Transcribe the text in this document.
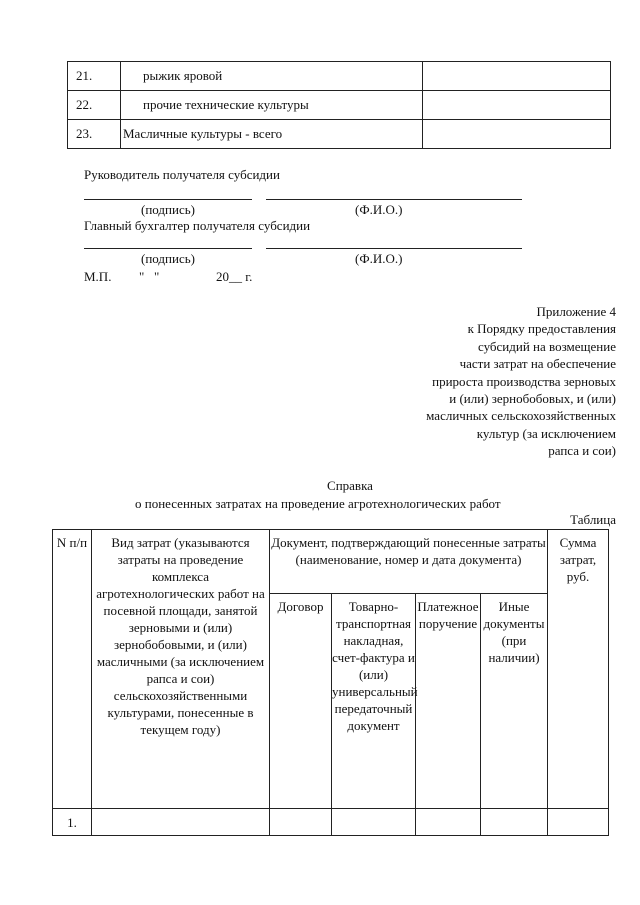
21.	рыжик яровой	
22.	прочие технические культуры	
23.	Масличные культуры - всего	
Руководитель получателя субсидии
(подпись)	(Ф.И.О.)
Главный бухгалтер получателя субсидии
(подпись)	(Ф.И.О.)
М.П. "   "	20__ г.
Приложение 4
к Порядку предоставления
субсидий на возмещение
части затрат на обеспечение
прироста производства зерновых
и (или) зернобобовых, и (или)
масличных сельскохозяйственных
культур (за исключением
рапса и сои)
Справка
о понесенных затратах на проведение агротехнологических работ
Таблица
N п/п	Вид затрат (указываются затраты на проведение комплекса агротехнологических работ на посевной площади, занятой зерновыми и (или) зернобобовыми, и (или) масличными (за исключением рапса и сои) сельскохозяйственными культурами, понесенные в текущем году)	Документ, подтверждающий понесенные затраты (наименование, номер и дата документа)				Сумма затрат, руб.
		Договор	Товарно-транспортная накладная, счет-фактура и (или) универсальный передаточный документ	Платежное поручение	Иные документы (при наличии)	
1.						
